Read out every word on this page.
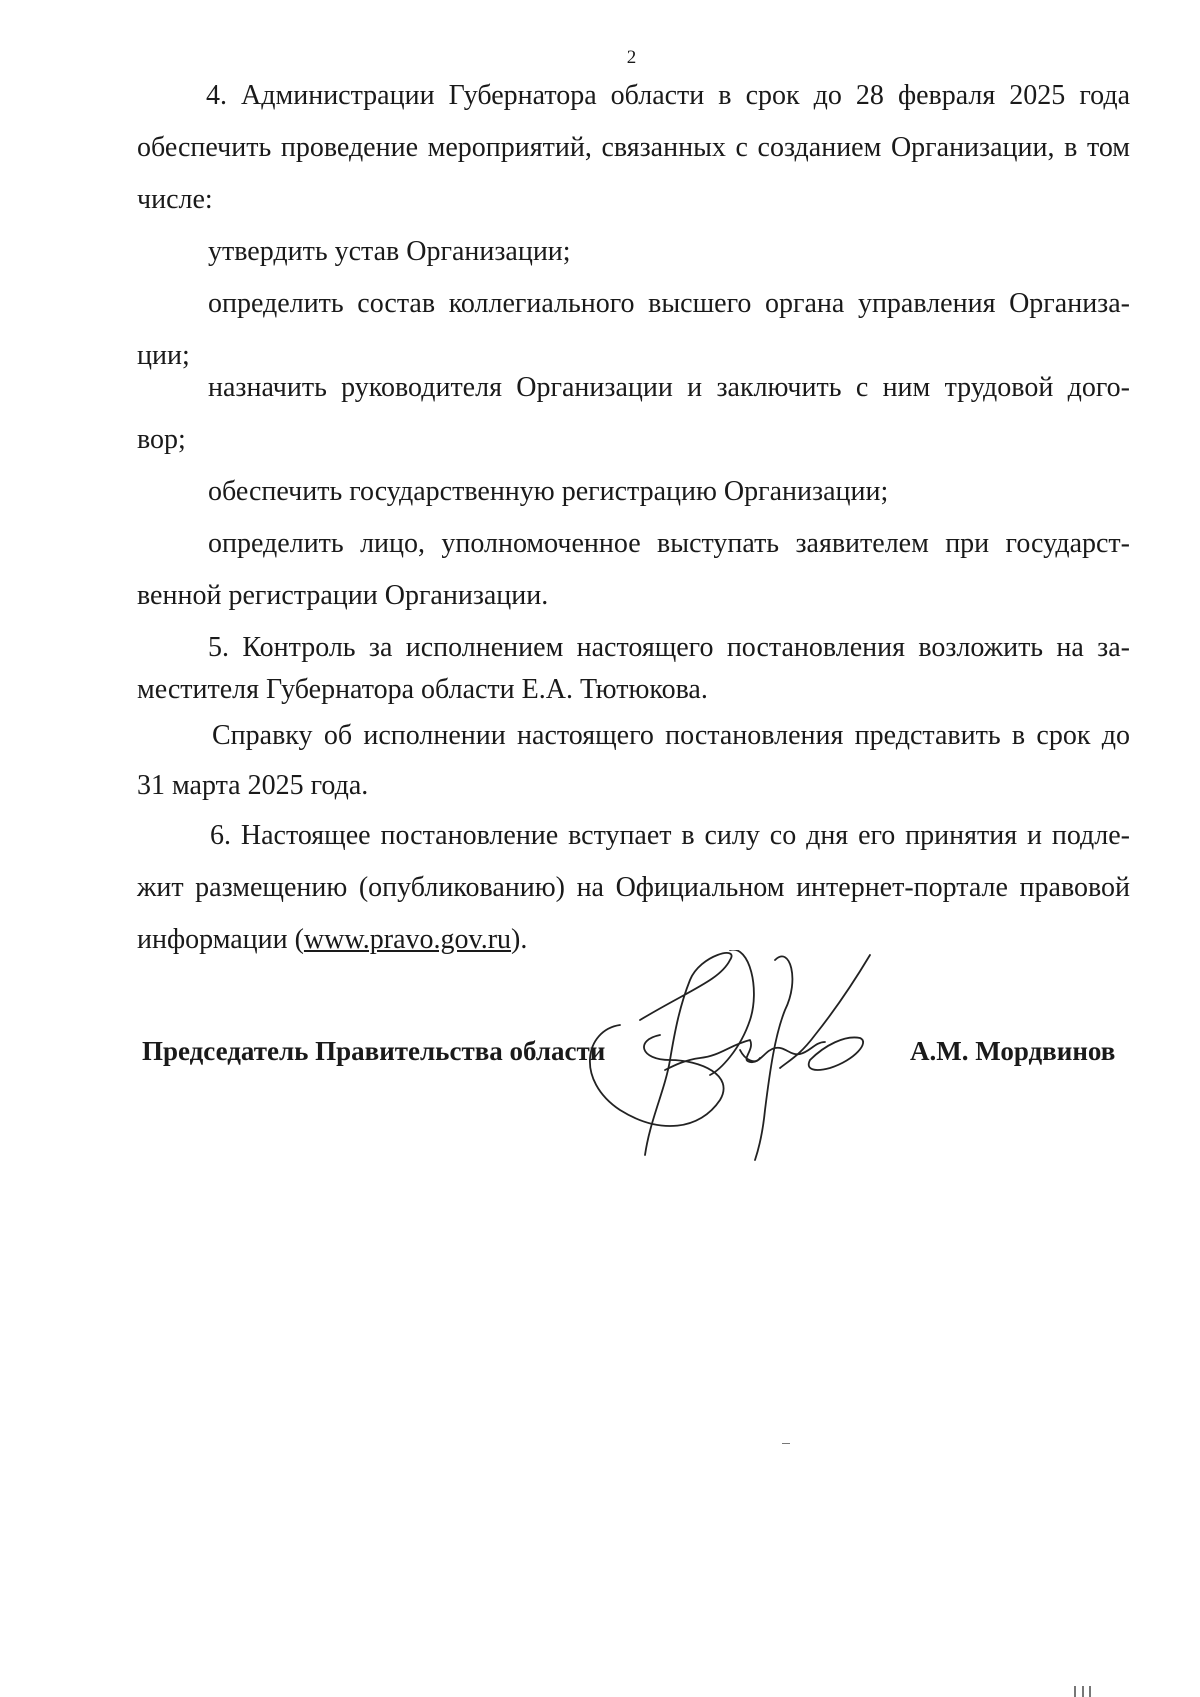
2

4. Администрации Губернатора области в срок до 28 февраля 2025 года

обеспечить проведение мероприятий, связанных с созданием Организации, в том

числе:

утвердить устав Организации;

определить состав коллегиального высшего органа управления Организа-

ции;

назначить руководителя Организации и заключить с ним трудовой дого-

вор;

обеспечить государственную регистрацию Организации;

определить лицо, уполномоченное выступать заявителем при государст-

венной регистрации Организации.

5. Контроль за исполнением настоящего постановления возложить на за-

местителя Губернатора области Е.А. Тютюкова.

Справку об исполнении настоящего постановления представить в срок до

31 марта 2025 года.

6. Настоящее постановление вступает в силу со дня его принятия и подле-

жит размещению (опубликованию) на Официальном интернет-портале правовой

информации (www.pravo.gov.ru).

Председатель Правительства области	А.М. Мордвинов
